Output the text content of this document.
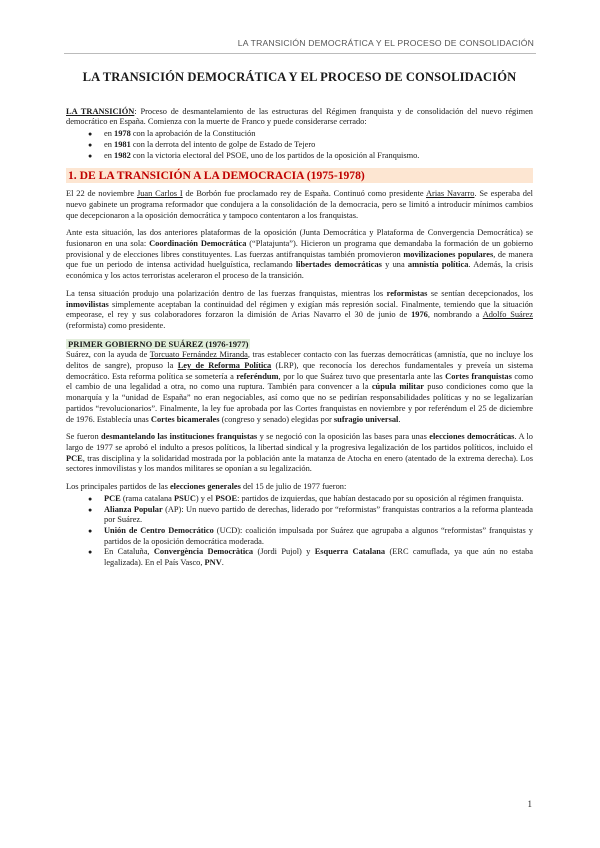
LA TRANSICIÓN DEMOCRÁTICA Y EL PROCESO DE CONSOLIDACIÓN
LA TRANSICIÓN DEMOCRÁTICA Y EL PROCESO DE CONSOLIDACIÓN

LA TRANSICIÓN: Proceso de desmantelamiento de las estructuras del Régimen franquista y de consolidación del nuevo régimen democrático en España. Comienza con la muerte de Franco y puede considerarse cerrado:

● en 1978 con la aprobación de la Constitución
● en 1981 con la derrota del intento de golpe de Estado de Tejero
● en 1982 con la victoria electoral del PSOE, uno de los partidos de la oposición al Franquismo.
1. DE LA TRANSICIÓN A LA DEMOCRACIA (1975-1978)

El 22 de noviembre Juan Carlos I de Borbón fue proclamado rey de España. Continuó como presidente Arias Navarro. Se esperaba del nuevo gabinete un programa reformador que condujera a la consolidación de la democracia, pero se limitó a introducir mínimos cambios que decepcionaron a la oposición democrática y tampoco contentaron a los franquistas.

Ante esta situación, las dos anteriores plataformas de la oposición (Junta Democrática y Plataforma de Convergencia Democrática) se fusionaron en una sola: Coordinación Democrática (“Platajunta”). Hicieron un programa que demandaba la formación de un gobierno provisional y de elecciones libres constituyentes. Las fuerzas antifranquistas también promovieron movilizaciones populares, de manera que fue un periodo de intensa actividad huelguística, reclamando libertades democráticas y una amnistía política. Además, la crisis económica y los actos terroristas aceleraron el proceso de la transición.

La tensa situación produjo una polarización dentro de las fuerzas franquistas, mientras los reformistas se sentían decepcionados, los inmovilistas simplemente aceptaban la continuidad del régimen y exigían más represión social. Finalmente, temiendo que la situación empeorase, el rey y sus colaboradores forzaron la dimisión de Arias Navarro el 30 de junio de 1976, nombrando a Adolfo Suárez (reformista) como presidente.

PRIMER GOBIERNO DE SUÁREZ (1976-1977)

Suárez, con la ayuda de Torcuato Fernández Miranda, tras establecer contacto con las fuerzas democráticas (amnistía, que no incluye los delitos de sangre), propuso la Ley de Reforma Política (LRP), que reconocía los derechos fundamentales y preveía un sistema democrático. Esta reforma política se sometería a referéndum, por lo que Suárez tuvo que presentarla ante las Cortes franquistas como el cambio de una legalidad a otra, no como una ruptura. También para convencer a la cúpula militar puso condiciones como que la monarquía y la “unidad de España” no eran negociables, así como que no se pedirían responsabilidades políticas y no se legalizarían partidos “revolucionarios”. Finalmente, la ley fue aprobada por las Cortes franquistas en noviembre y por referéndum el 25 de diciembre de 1976. Establecía unas Cortes bicamerales (congreso y senado) elegidas por sufragio universal.

Se fueron desmantelando las instituciones franquistas y se negoció con la oposición las bases para unas elecciones democráticas. A lo largo de 1977 se aprobó el indulto a presos políticos, la libertad sindical y la progresiva legalización de los partidos políticos, incluido el PCE, tras disciplina y la solidaridad mostrada por la población ante la matanza de Atocha en enero (atentado de la extrema derecha). Los sectores inmovilistas y los mandos militares se oponían a su legalización.

Los principales partidos de las elecciones generales del 15 de julio de 1977 fueron:

● PCE (rama catalana PSUC) y el PSOE: partidos de izquierdas, que habían destacado por su oposición al régimen franquista.
● Alianza Popular (AP): Un nuevo partido de derechas, liderado por “reformistas” franquistas contrarios a la reforma planteada por Suárez.
● Unión de Centro Democrático (UCD): coalición impulsada por Suárez que agrupaba a algunos “reformistas” franquistas y partidos de la oposición democrática moderada.
● En Cataluña, Convergència Democràtica (Jordi Pujol) y Esquerra Catalana (ERC camuflada, ya que aún no estaba legalizada). En el País Vasco, PNV.
1
